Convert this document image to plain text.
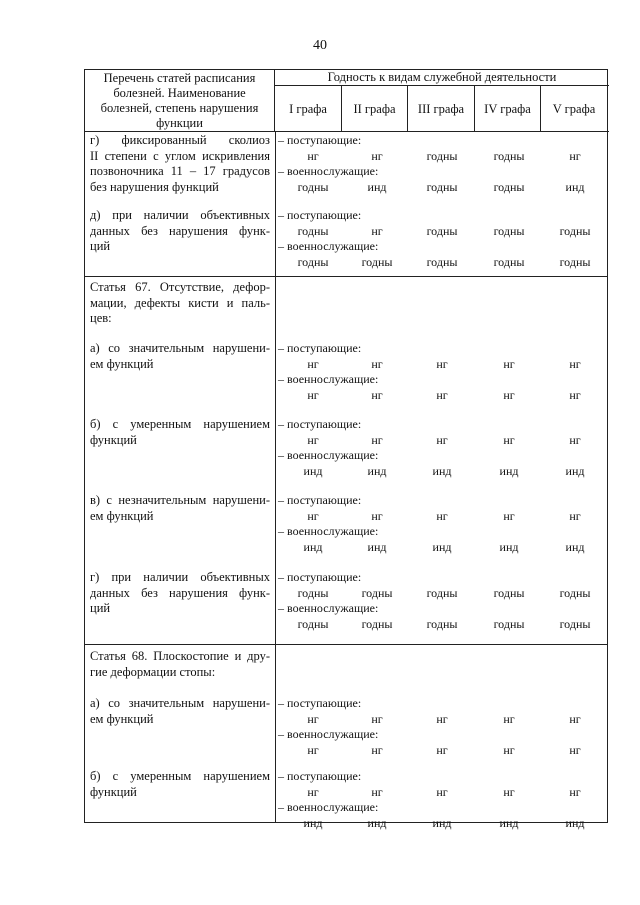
40
Перечень статей расписания
болезней. Наименование
болезней, степень нарушения
функции
Годность к видам служебной деятельности
I графа	II графа	III графа	IV графа	V графа
г) фиксированный сколиоз
II степени с углом искривления
позвоночника 11 – 17 градусов
без нарушения функций
– поступающие:
нг	нг	годны	годны	нг
– военнослужащие:
годны	инд	годны	годны	инд
д) при наличии объективных
данных без нарушения функ-
ций
– поступающие:
годны	нг	годны	годны	годны
– военнослужащие:
годны	годны	годны	годны	годны
Статья 67. Отсутствие, дефор-
мации, дефекты кисти и паль-
цев:
а) со значительным нарушени-
ем функций
– поступающие:
нг	нг	нг	нг	нг
– военнослужащие:
нг	нг	нг	нг	нг
б) с умеренным нарушением
функций
– поступающие:
нг	нг	нг	нг	нг
– военнослужащие:
инд	инд	инд	инд	инд
в) с незначительным нарушени-
ем функций
– поступающие:
нг	нг	нг	нг	нг
– военнослужащие:
инд	инд	инд	инд	инд
г) при наличии объективных
данных без нарушения функ-
ций
– поступающие:
годны	годны	годны	годны	годны
– военнослужащие:
годны	годны	годны	годны	годны
Статья 68. Плоскостопие и дру-
гие деформации стопы:
а) со значительным нарушени-
ем функций
– поступающие:
нг	нг	нг	нг	нг
– военнослужащие:
нг	нг	нг	нг	нг
б) с умеренным нарушением
функций
– поступающие:
нг	нг	нг	нг	нг
– военнослужащие:
инд	инд	инд	инд	инд
